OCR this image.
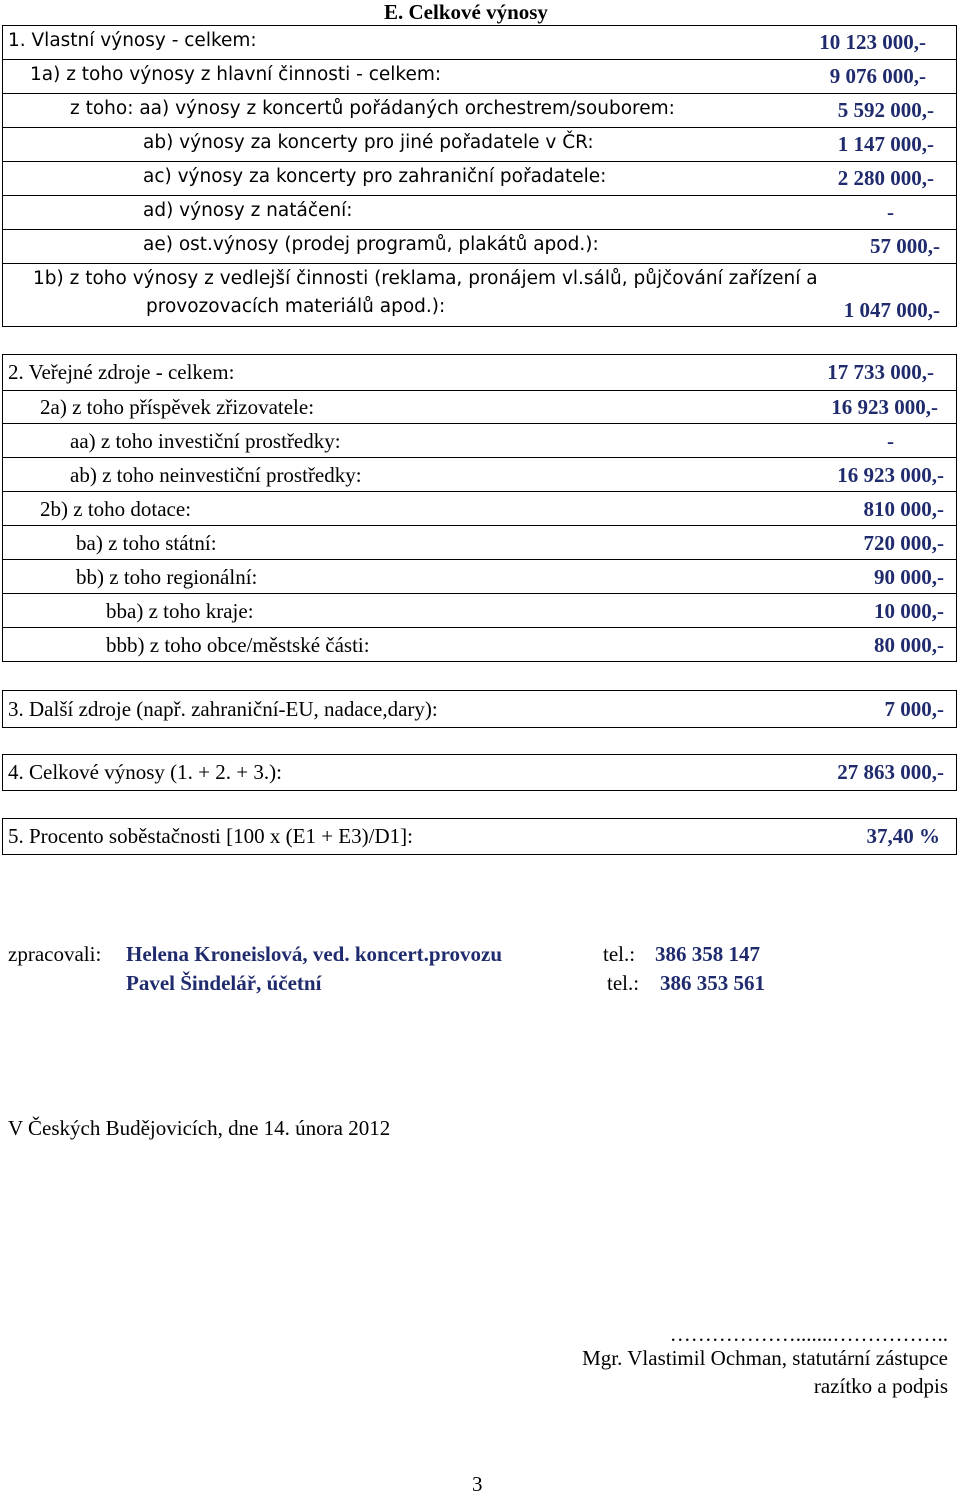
E. Celkové výnosy
1. Vlastní výnosy - celkem:	10 123 000,-
1a) z toho výnosy z hlavní činnosti - celkem:	9 076 000,-
z toho: aa) výnosy z koncertů pořádaných orchestrem/souborem:	5 592 000,-
ab) výnosy za koncerty pro jiné pořadatele v ČR:	1 147 000,-
ac) výnosy za koncerty pro zahraniční pořadatele:	2 280 000,-
ad) výnosy z natáčení:	-
ae) ost.výnosy (prodej programů, plakátů apod.):	57 000,-
1b) z toho výnosy z vedlejší činnosti (reklama, pronájem vl.sálů, půjčování zařízení a
provozovacích materiálů apod.):	1 047 000,-
2. Veřejné zdroje - celkem:	17 733 000,-
2a) z toho příspěvek zřizovatele:	16 923 000,-
aa) z toho investiční prostředky:	-
ab) z toho neinvestiční prostředky:	16 923 000,-
2b) z toho dotace:	810 000,-
ba) z toho státní:	720 000,-
bb) z toho regionální:	90 000,-
bba) z toho kraje:	10 000,-
bbb) z toho obce/městské části:	80 000,-
3. Další zdroje (např. zahraniční-EU, nadace,dary):	7 000,-
4. Celkové výnosy (1. + 2. + 3.):	27 863 000,-
5. Procento soběstačnosti [100 x (E1 + E3)/D1]:	37,40 %
zpracovali: Helena Kroneislová, ved. koncert.provozu	tel.: 386 358 147
Pavel Šindelář, účetní	tel.: 386 353 561
V Českých Budějovicích, dne 14. února 2012
……………….......……………..
Mgr. Vlastimil Ochman, statutární zástupce
razítko a podpis
3
